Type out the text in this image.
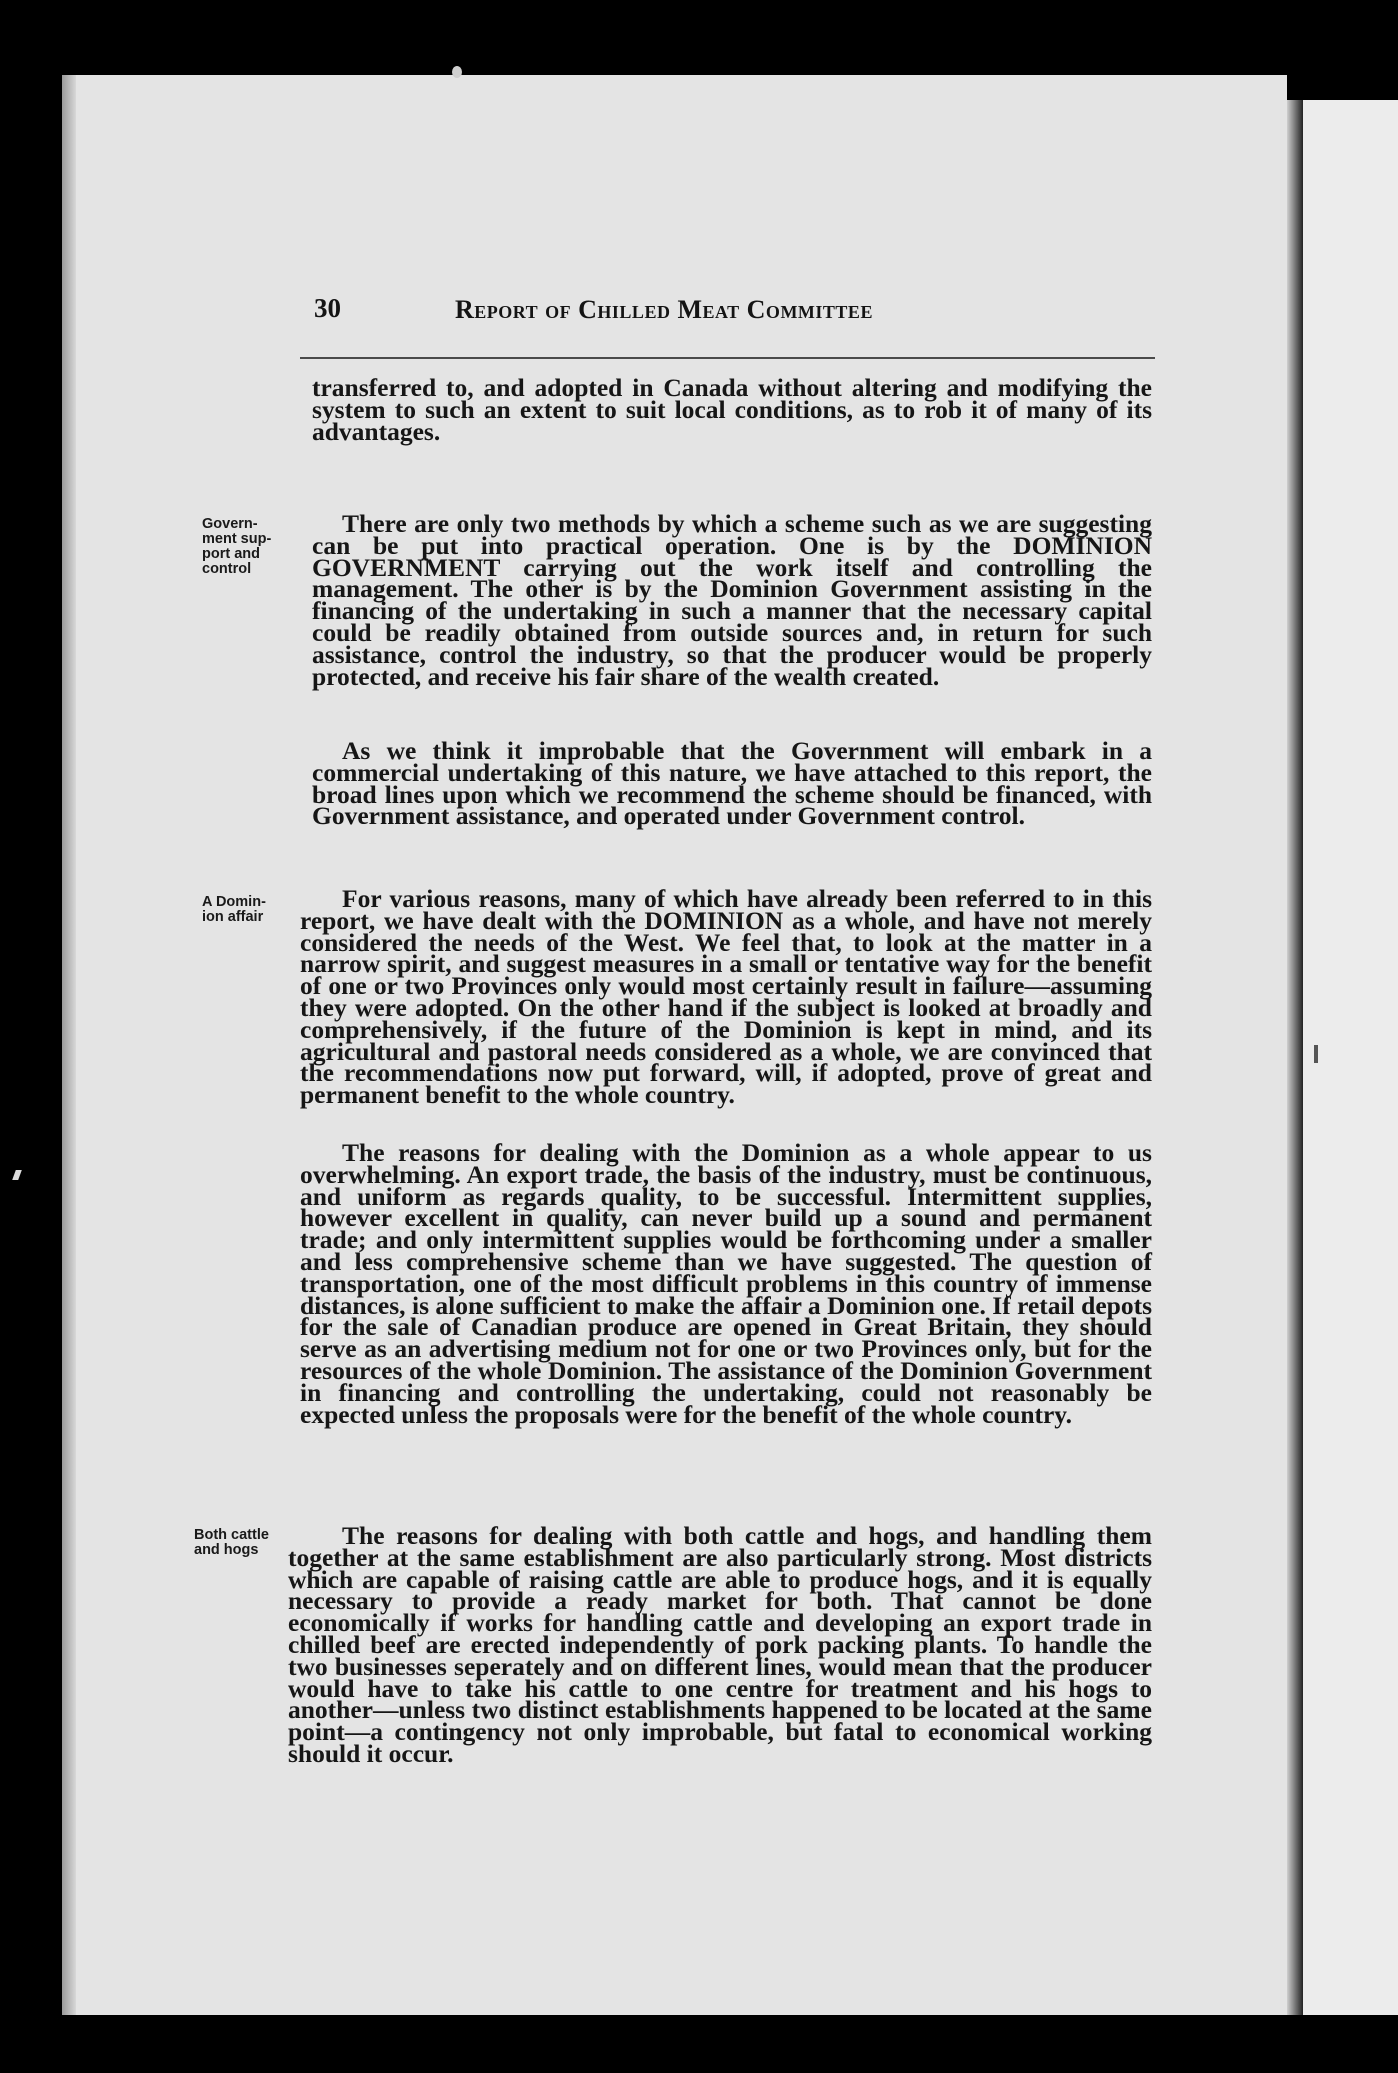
30	Report of Chilled Meat Committee

transferred to, and adopted in Canada without altering and modifying the system to such an extent to suit local conditions, as to rob it of many of its advantages.

Govern-ment sup-port and control

There are only two methods by which a scheme such as we are suggesting can be put into practical operation. One is by the DOMINION GOVERNMENT carrying out the work itself and controlling the management. The other is by the Dominion Government assisting in the financing of the undertaking in such a manner that the necessary capital could be readily obtained from outside sources and, in return for such assistance, control the industry, so that the producer would be properly protected, and receive his fair share of the wealth created.

As we think it improbable that the Government will embark in a commercial undertaking of this nature, we have attached to this report, the broad lines upon which we recommend the scheme should be financed, with Government assistance, and operated under Government control.

A Domin-ion affair

For various reasons, many of which have already been referred to in this report, we have dealt with the DOMINION as a whole, and have not merely considered the needs of the West. We feel that, to look at the matter in a narrow spirit, and suggest measures in a small or tentative way for the benefit of one or two Provinces only would most certainly result in failure—assuming they were adopted. On the other hand if the subject is looked at broadly and comprehensively, if the future of the Dominion is kept in mind, and its agricultural and pastoral needs considered as a whole, we are convinced that the recommendations now put forward, will, if adopted, prove of great and permanent benefit to the whole country.

The reasons for dealing with the Dominion as a whole appear to us overwhelming. An export trade, the basis of the industry, must be continuous, and uniform as regards quality, to be successful. Intermittent supplies, however excellent in quality, can never build up a sound and permanent trade; and only intermittent supplies would be forthcoming under a smaller and less comprehensive scheme than we have suggested. The question of transportation, one of the most difficult problems in this country of immense distances, is alone sufficient to make the affair a Dominion one. If retail depots for the sale of Canadian produce are opened in Great Britain, they should serve as an advertising medium not for one or two Provinces only, but for the resources of the whole Dominion. The assistance of the Dominion Government in financing and controlling the undertaking, could not reasonably be expected unless the proposals were for the benefit of the whole country.

Both cattle and hogs	The reasons for dealing with both cattle and hogs, and handling them together at the same establishment are also particularly strong. Most districts which are capable of raising cattle are able to produce hogs, and it is equally necessary to provide a ready market for both. That cannot be done economically if works for handling cattle and developing an export trade in chilled beef are erected independently of pork packing plants. To handle the two businesses seperately and on different lines, would mean that the producer would have to take his cattle to one centre for treatment and his hogs to another—unless two distinct establishments happened to be located at the same point—a contingency not only improbable, but fatal to economical working should it occur.
